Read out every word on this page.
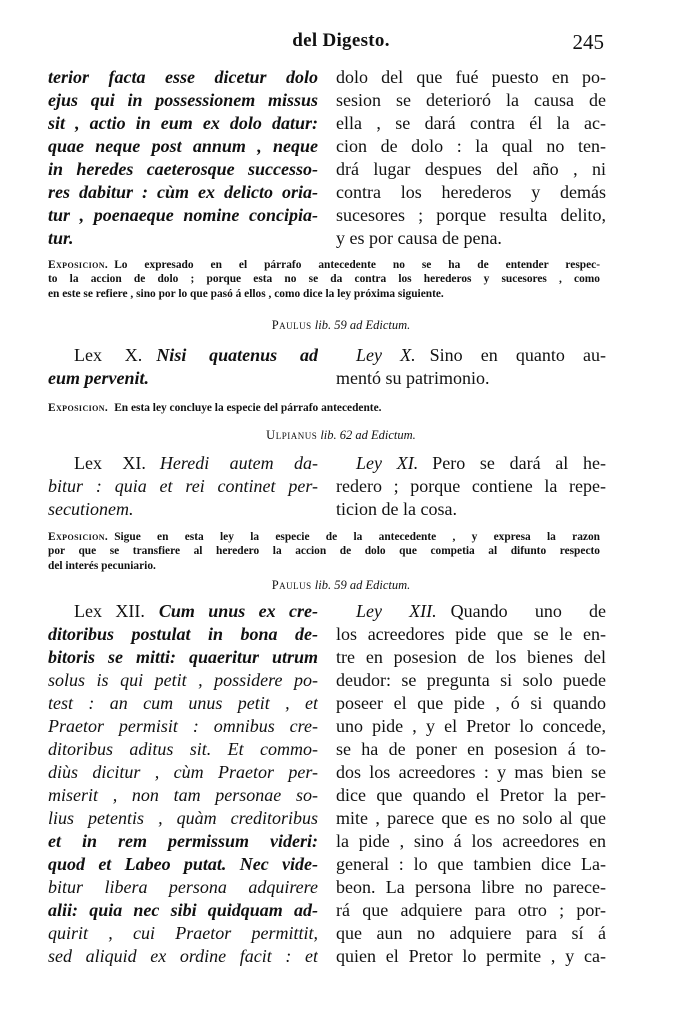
del Digesto.	245
terior facta esse dicetur dolo
ejus qui in possessionem missus
sit , actio in eum ex dolo datur:
quae neque post annum , neque
in heredes caeterosque successo-
res dabitur : cùm ex delicto oria-
tur , poenaeque nomine concipia-
tur.
dolo del que fué puesto en po-
sesion se deterioró la causa de
ella , se dará contra él la ac-
cion de dolo : la qual no ten-
drá lugar despues del año , ni
contra los herederos y demás
sucesores ; porque resulta delito,
y es por causa de pena.
Exposicion. Lo expresado en el párrafo antecedente no se ha de entender respec-
to la accion de dolo ; porque esta no se da contra los herederos y sucesores , como
en este se refiere , sino por lo que pasó á ellos , como dice la ley próxima siguiente.
Paulus lib. 59 ad Edictum.
Lex X. Nisi quatenus ad
eum pervenit.
Ley X. Sino en quanto au-
mentó su patrimonio.
Exposicion. En esta ley concluye la especie del párrafo antecedente.
Ulpianus lib. 62 ad Edictum.
Lex XI. Heredi autem da-
bitur : quia et rei continet per-
secutionem.
Ley XI. Pero se dará al he-
redero ; porque contiene la repe-
ticion de la cosa.
Exposicion. Sigue en esta ley la especie de la antecedente , y expresa la razon
por que se transfiere al heredero la accion de dolo que competia al difunto respecto
del interés pecuniario.
Paulus lib. 59 ad Edictum.
Lex XII. Cum unus ex cre-
ditoribus postulat in bona de-
bitoris se mitti: quaeritur utrum
solus is qui petit , possidere po-
test : an cum unus petit , et
Praetor permisit : omnibus cre-
ditoribus aditus sit. Et commo-
diùs dicitur , cùm Praetor per-
miserit , non tam personae so-
lius petentis , quàm creditoribus
et in rem permissum videri:
quod et Labeo putat. Nec vide-
bitur libera persona adquirere
alii: quia nec sibi quidquam ad-
quirit , cui Praetor permittit,
sed aliquid ex ordine facit : et
Ley XII. Quando uno de
los acreedores pide que se le en-
tre en posesion de los bienes del
deudor: se pregunta si solo puede
poseer el que pide , ó si quando
uno pide , y el Pretor lo concede,
se ha de poner en posesion á to-
dos los acreedores : y mas bien se
dice que quando el Pretor la per-
mite , parece que es no solo al que
la pide , sino á los acreedores en
general : lo que tambien dice La-
beon. La persona libre no parece-
rá que adquiere para otro ; por-
que aun no adquiere para sí á
quien el Pretor lo permite , y ca-
